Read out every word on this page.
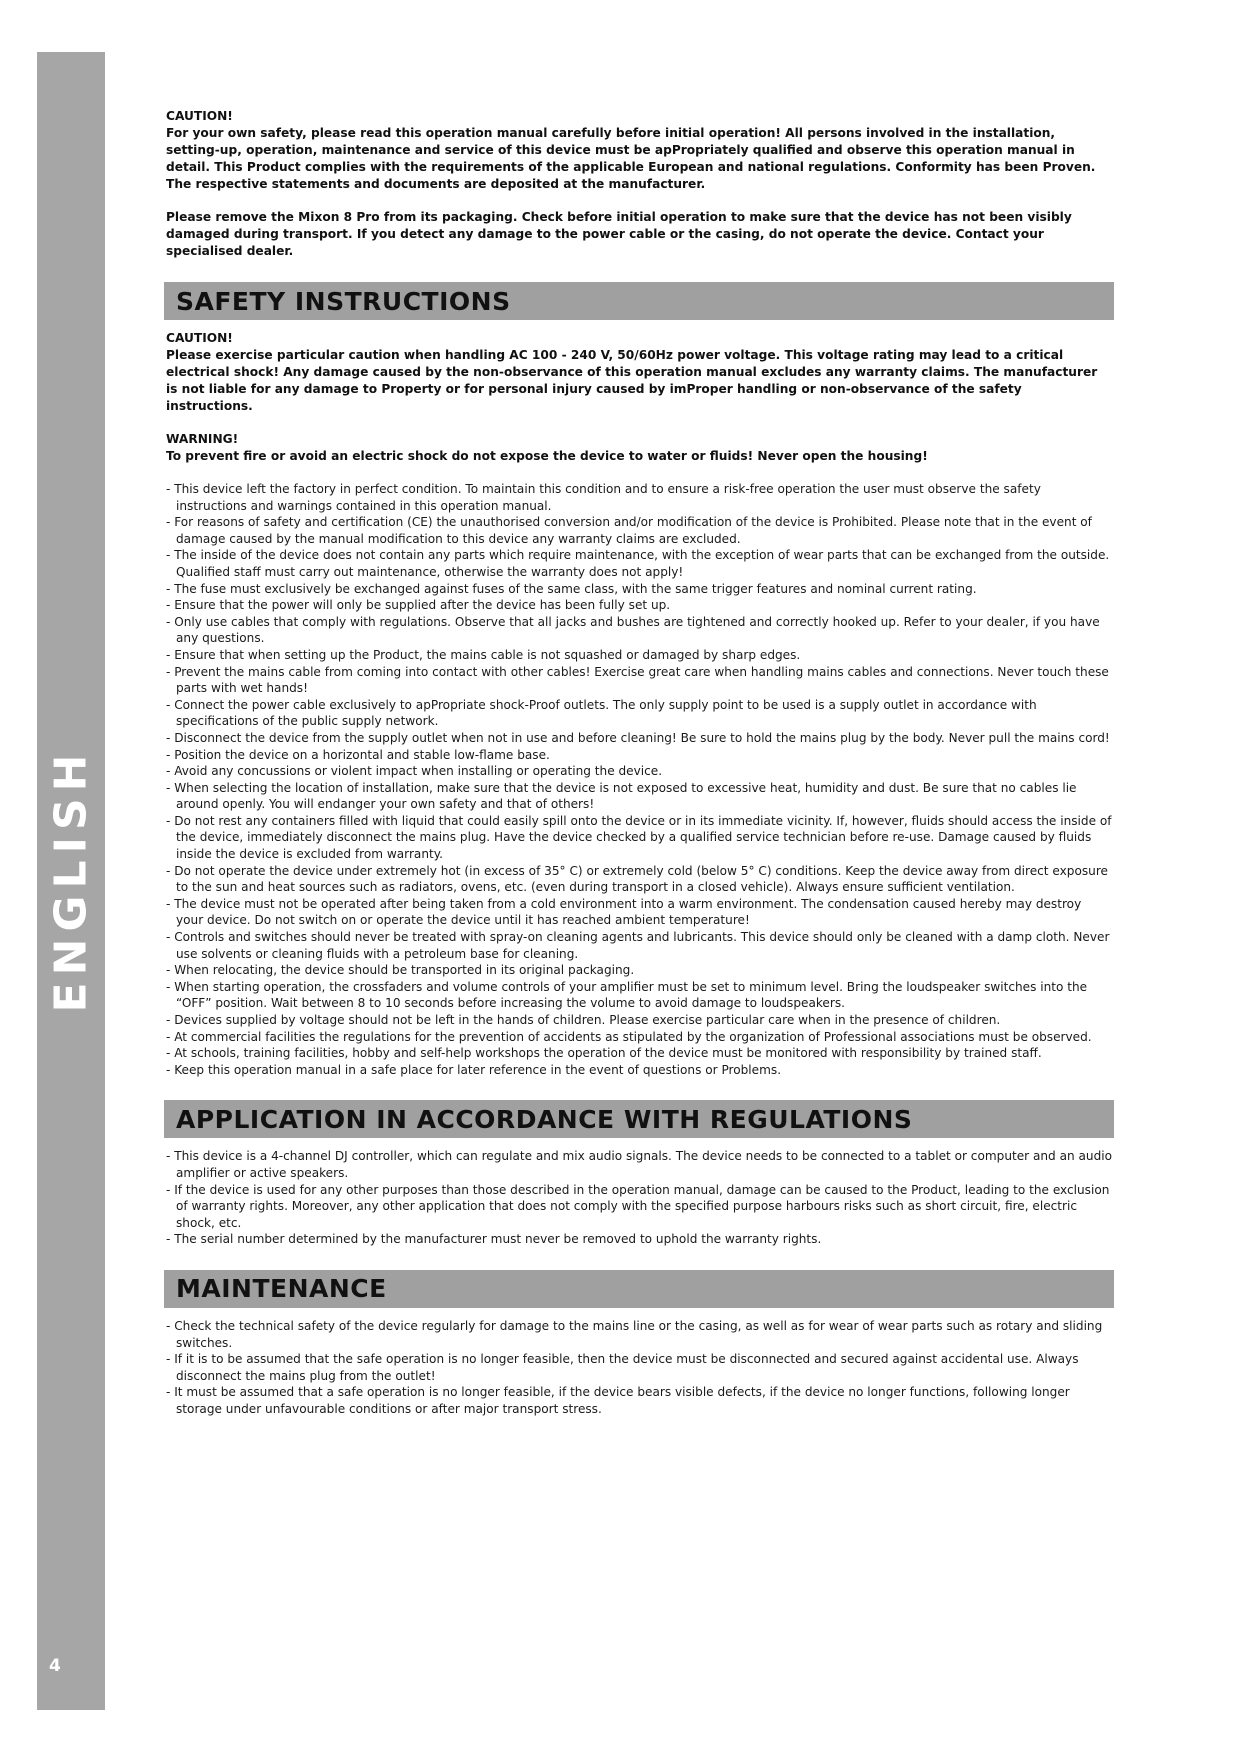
ENGLISH
4

CAUTION!

For your own safety, please read this operation manual carefully before initial operation! All persons involved in the installation, setting-up, operation, maintenance and service of this device must be apPropriately qualified and observe this operation manual in detail. This Product complies with the requirements of the applicable European and national regulations. Conformity has been Proven. The respective statements and documents are deposited at the manufacturer.

Please remove the Mixon 8 Pro from its packaging. Check before initial operation to make sure that the device has not been visibly damaged during transport. If you detect any damage to the power cable or the casing, do not operate the device. Contact your specialised dealer.

SAFETY INSTRUCTIONS

CAUTION!

Please exercise particular caution when handling AC 100 - 240 V, 50/60Hz power voltage. This voltage rating may lead to a critical electrical shock! Any damage caused by the non-observance of this operation manual excludes any warranty claims. The manufacturer is not liable for any damage to Property or for personal injury caused by imProper handling or non-observance of the safety instructions.

WARNING!

To prevent fire or avoid an electric shock do not expose the device to water or fluids! Never open the housing!

- This device left the factory in perfect condition. To maintain this condition and to ensure a risk-free operation the user must observe the safety instructions and warnings contained in this operation manual.
- For reasons of safety and certification (CE) the unauthorised conversion and/or modification of the device is Prohibited. Please note that in the event of damage caused by the manual modification to this device any warranty claims are excluded.
- The inside of the device does not contain any parts which require maintenance, with the exception of wear parts that can be exchanged from the outside. Qualified staff must carry out maintenance, otherwise the warranty does not apply!
- The fuse must exclusively be exchanged against fuses of the same class, with the same trigger features and nominal current rating.
- Ensure that the power will only be supplied after the device has been fully set up.
- Only use cables that comply with regulations. Observe that all jacks and bushes are tightened and correctly hooked up. Refer to your dealer, if you have any questions.
- Ensure that when setting up the Product, the mains cable is not squashed or damaged by sharp edges.
- Prevent the mains cable from coming into contact with other cables! Exercise great care when handling mains cables and connections. Never touch these parts with wet hands!
- Connect the power cable exclusively to apPropriate shock-Proof outlets. The only supply point to be used is a supply outlet in accordance with specifications of the public supply network.
- Disconnect the device from the supply outlet when not in use and before cleaning! Be sure to hold the mains plug by the body. Never pull the mains cord!
- Position the device on a horizontal and stable low-flame base.
- Avoid any concussions or violent impact when installing or operating the device.
- When selecting the location of installation, make sure that the device is not exposed to excessive heat, humidity and dust. Be sure that no cables lie around openly. You will endanger your own safety and that of others!
- Do not rest any containers filled with liquid that could easily spill onto the device or in its immediate vicinity. If, however, fluids should access the inside of the device, immediately disconnect the mains plug. Have the device checked by a qualified service technician before re-use. Damage caused by fluids inside the device is excluded from warranty.
- Do not operate the device under extremely hot (in excess of 35° C) or extremely cold (below 5° C) conditions. Keep the device away from direct exposure to the sun and heat sources such as radiators, ovens, etc. (even during transport in a closed vehicle). Always ensure sufficient ventilation.
- The device must not be operated after being taken from a cold environment into a warm environment. The condensation caused hereby may destroy your device. Do not switch on or operate the device until it has reached ambient temperature!
- Controls and switches should never be treated with spray-on cleaning agents and lubricants. This device should only be cleaned with a damp cloth. Never use solvents or cleaning fluids with a petroleum base for cleaning.
- When relocating, the device should be transported in its original packaging.
- When starting operation, the crossfaders and volume controls of your amplifier must be set to minimum level. Bring the loudspeaker switches into the “OFF” position. Wait between 8 to 10 seconds before increasing the volume to avoid damage to loudspeakers.
- Devices supplied by voltage should not be left in the hands of children. Please exercise particular care when in the presence of children.
- At commercial facilities the regulations for the prevention of accidents as stipulated by the organization of Professional associations must be observed.
- At schools, training facilities, hobby and self-help workshops the operation of the device must be monitored with responsibility by trained staff.
- Keep this operation manual in a safe place for later reference in the event of questions or Problems.
APPLICATION IN ACCORDANCE WITH REGULATIONS
- This device is a 4-channel DJ controller, which can regulate and mix audio signals. The device needs to be connected to a tablet or computer and an audio amplifier or active speakers.
- If the device is used for any other purposes than those described in the operation manual, damage can be caused to the Product, leading to the exclusion of warranty rights. Moreover, any other application that does not comply with the specified purpose harbours risks such as short circuit, fire, electric shock, etc.
- The serial number determined by the manufacturer must never be removed to uphold the warranty rights.
MAINTENANCE
- Check the technical safety of the device regularly for damage to the mains line or the casing, as well as for wear of wear parts such as rotary and sliding switches.
- If it is to be assumed that the safe operation is no longer feasible, then the device must be disconnected and secured against accidental use. Always disconnect the mains plug from the outlet!
- It must be assumed that a safe operation is no longer feasible, if the device bears visible defects, if the device no longer functions, following longer storage under unfavourable conditions or after major transport stress.
